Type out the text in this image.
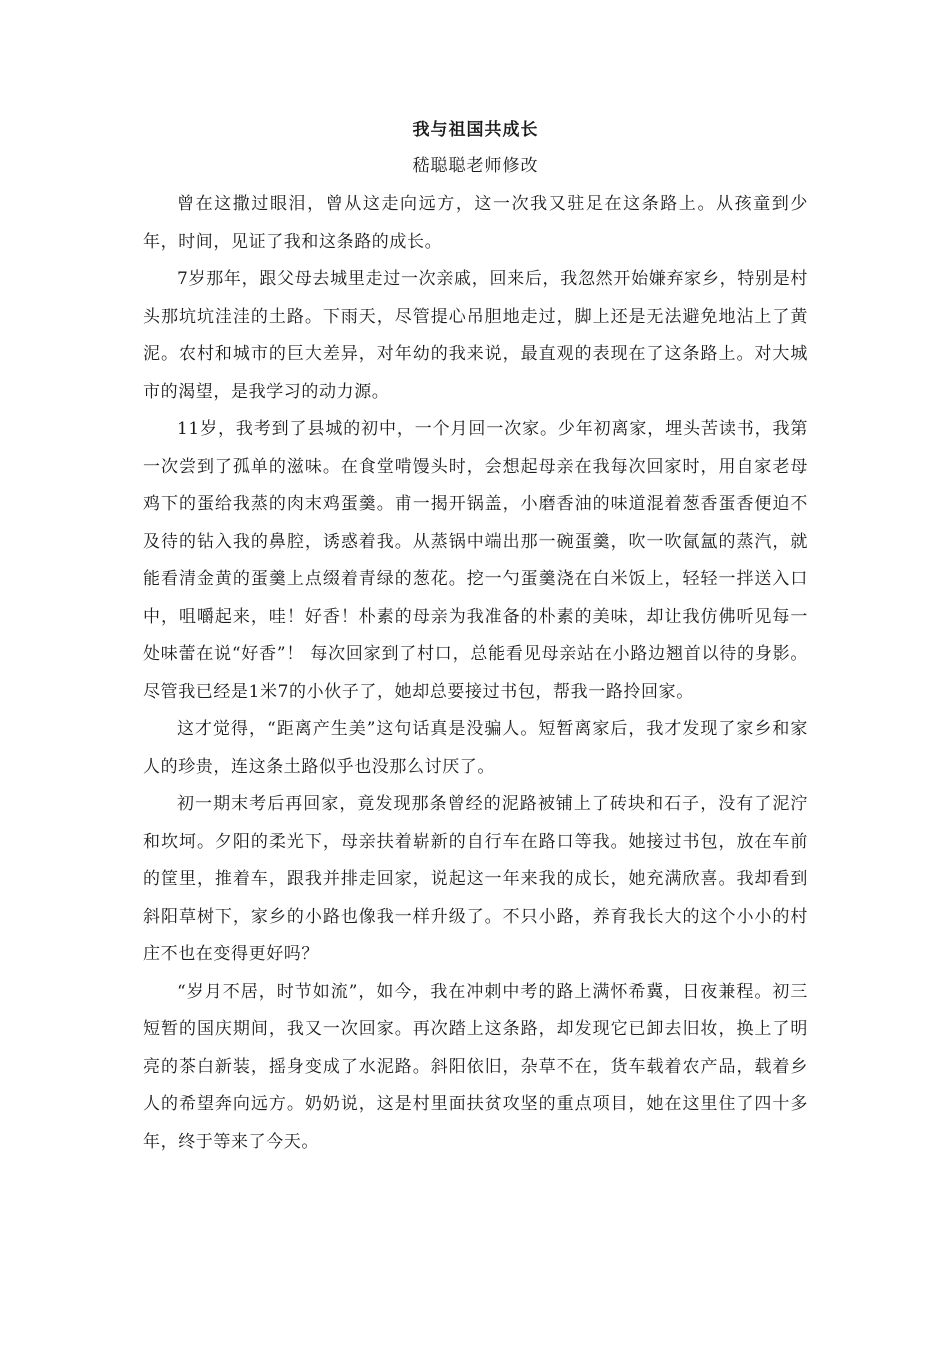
我与祖国共成长
嵇聪聪老师修改

曾在这撒过眼泪，曾从这走向远方，这一次我又驻足在这条路上。从孩童到少年，时间，见证了我和这条路的成长。

7岁那年，跟父母去城里走过一次亲戚，回来后，我忽然开始嫌弃家乡，特别是村头那坑坑洼洼的土路。下雨天，尽管提心吊胆地走过，脚上还是无法避免地沾上了黄泥。农村和城市的巨大差异，对年幼的我来说，最直观的表现在了这条路上。对大城市的渴望，是我学习的动力源。

11岁，我考到了县城的初中，一个月回一次家。少年初离家，埋头苦读书，我第一次尝到了孤单的滋味。在食堂啃馒头时，会想起母亲在我每次回家时，用自家老母鸡下的蛋给我蒸的肉末鸡蛋羹。甫一揭开锅盖，小磨香油的味道混着葱香蛋香便迫不及待的钻入我的鼻腔，诱惑着我。从蒸锅中端出那一碗蛋羹，吹一吹氤氲的蒸汽，就能看清金黄的蛋羹上点缀着青绿的葱花。挖一勺蛋羹浇在白米饭上，轻轻一拌送入口中，咀嚼起来，哇！好香！朴素的母亲为我准备的朴素的美味，却让我仿佛听见每一处味蕾在说“好香”！ 每次回家到了村口，总能看见母亲站在小路边翘首以待的身影。尽管我已经是1米7的小伙子了，她却总要接过书包，帮我一路拎回家。

这才觉得，“距离产生美”这句话真是没骗人。短暂离家后，我才发现了家乡和家人的珍贵，连这条土路似乎也没那么讨厌了。

初一期末考后再回家，竟发现那条曾经的泥路被铺上了砖块和石子，没有了泥泞和坎坷。夕阳的柔光下，母亲扶着崭新的自行车在路口等我。她接过书包，放在车前的筐里，推着车，跟我并排走回家，说起这一年来我的成长，她充满欣喜。我却看到斜阳草树下，家乡的小路也像我一样升级了。不只小路，养育我长大的这个小小的村庄不也在变得更好吗？

“岁月不居，时节如流”，如今，我在冲刺中考的路上满怀希冀，日夜兼程。初三短暂的国庆期间，我又一次回家。再次踏上这条路，却发现它已卸去旧妆，换上了明亮的茶白新装，摇身变成了水泥路。斜阳依旧，杂草不在，货车载着农产品，载着乡人的希望奔向远方。奶奶说，这是村里面扶贫攻坚的重点项目，她在这里住了四十多年，终于等来了今天。
